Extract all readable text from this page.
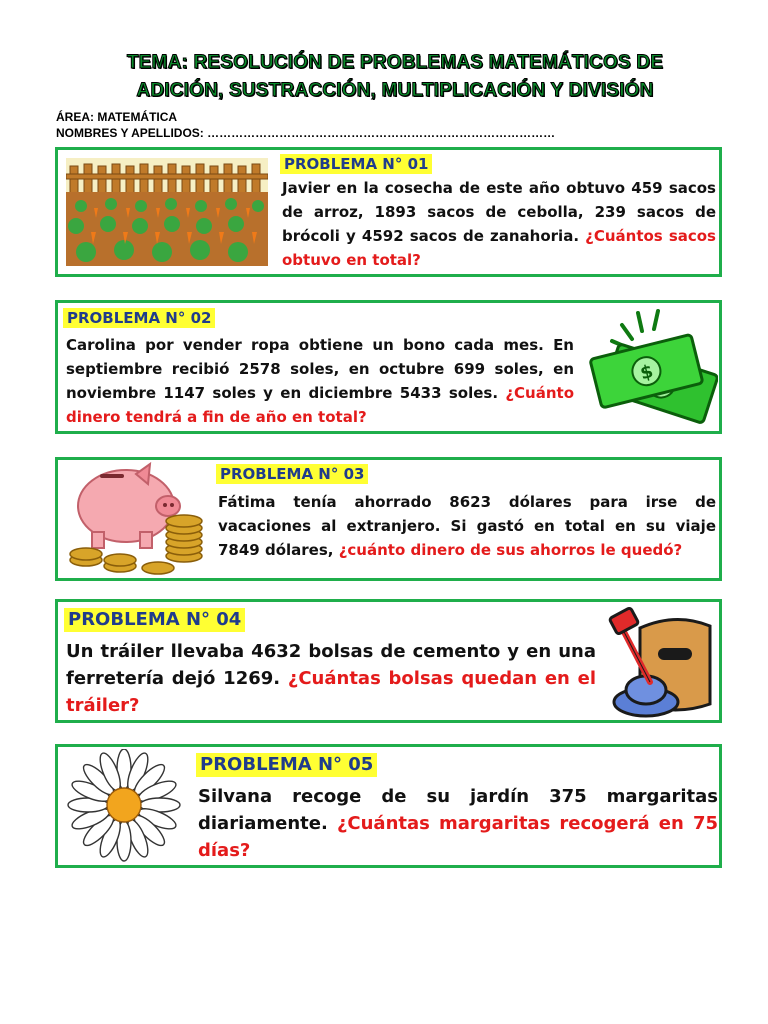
TEMA: RESOLUCIÓN DE PROBLEMAS MATEMÁTICOS DE
ADICIÓN, SUSTRACCIÓN, MULTIPLICACIÓN Y DIVISIÓN
ÁREA: MATEMÁTICA
NOMBRES Y APELLIDOS: ……………………………………………………………………………
PROBLEMA N° 01
Javier en la cosecha de este año obtuvo 459 sacos de arroz, 1893 sacos de cebolla, 239 sacos de brócoli y 4592 sacos de zanahoria. ¿Cuántos sacos obtuvo en total?
PROBLEMA N° 02
Carolina por vender ropa obtiene un bono cada mes. En septiembre recibió 2578 soles, en octubre 699 soles, en noviembre 1147 soles y en diciembre 5433 soles. ¿Cuánto dinero tendrá a fin de año en total?
$
PROBLEMA N° 03
Fátima tenía ahorrado 8623 dólares para irse de vacaciones al extranjero. Si gastó en total en su viaje 7849 dólares, ¿cuánto dinero de sus ahorros le quedó?
PROBLEMA N° 04
Un tráiler llevaba 4632 bolsas de cemento y en una ferretería dejó 1269. ¿Cuántas bolsas quedan en el tráiler?
PROBLEMA N° 05
Silvana recoge de su jardín 375 margaritas diariamente. ¿Cuántas margaritas recogerá en 75 días?
